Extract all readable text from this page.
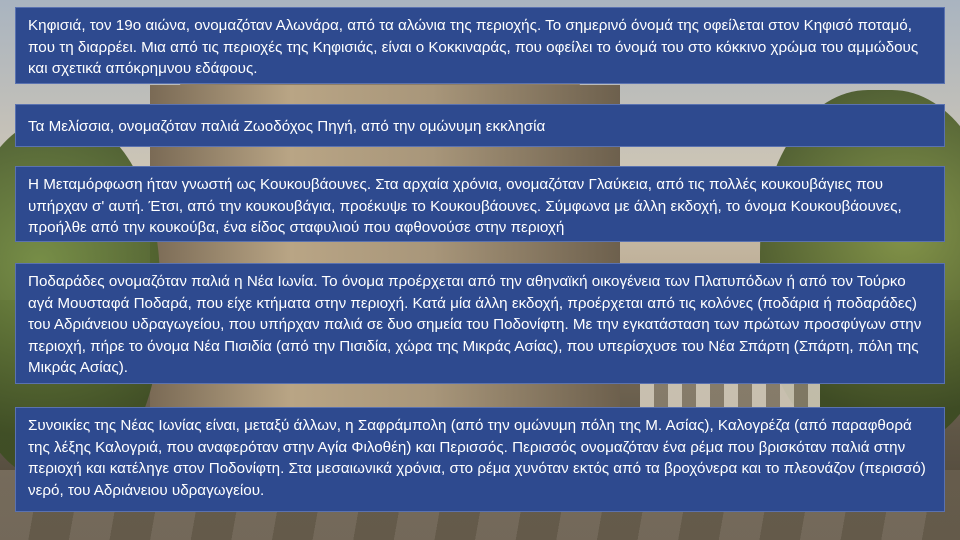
Κηφισιά, τον 19ο αιώνα, ονομαζόταν Αλωνάρα, από τα αλώνια της περιοχής. Το σημερινό όνομά της οφείλεται στον Κηφισό ποταμό, που τη διαρρέει. Μια από τις περιοχές της Κηφισιάς, είναι ο Κοκκιναράς, που οφείλει το όνομά του στο κόκκινο χρώμα του αμμώδους και σχετικά απόκρημνου εδάφους.
Τα Μελίσσια, ονομαζόταν παλιά Ζωοδόχος Πηγή, από την ομώνυμη εκκλησία
Η Μεταμόρφωση ήταν γνωστή ως Κουκουβάουνες. Στα αρχαία χρόνια, ονομαζόταν Γλαύκεια, από τις πολλές κουκουβάγιες που υπήρχαν σ' αυτή. Έτσι, από την κουκουβάγια, προέκυψε το Κουκουβάουνες. Σύμφωνα με άλλη εκδοχή, το όνομα Κουκουβάουνες, προήλθε από την κουκούβα, ένα είδος σταφυλιού που αφθονούσε στην περιοχή
Ποδαράδες ονομαζόταν παλιά η Νέα Ιωνία. Το όνομα προέρχεται από την αθηναϊκή οικογένεια των Πλατυπόδων ή από τον Τούρκο αγά Μουσταφά Ποδαρά, που είχε κτήματα στην περιοχή. Κατά μία άλλη εκδοχή, προέρχεται από τις κολόνες (ποδάρια ή ποδαράδες) του Αδριάνειου υδραγωγείου, που υπήρχαν παλιά σε δυο σημεία του Ποδονίφτη. Με την εγκατάσταση των πρώτων προσφύγων στην περιοχή, πήρε το όνομα Νέα Πισιδία (από την Πισιδία, χώρα της Μικράς Ασίας), που υπερίσχυσε του Νέα Σπάρτη (Σπάρτη, πόλη της Μικράς Ασίας).
Συνοικίες της Νέας Ιωνίας είναι, μεταξύ άλλων, η Σαφράμπολη (από την ομώνυμη πόλη της Μ. Ασίας), Καλογρέζα (από παραφθορά της λέξης Καλογριά, που αναφερόταν στην Αγία Φιλοθέη) και Περισσός. Περισσός ονομαζόταν ένα ρέμα που βρισκόταν παλιά στην περιοχή και κατέληγε στον Ποδονίφτη. Στα μεσαιωνικά χρόνια, στο ρέμα χυνόταν εκτός από τα βροχόνερα και το πλεονάζον (περισσό) νερό, του Αδριάνειου υδραγωγείου.
